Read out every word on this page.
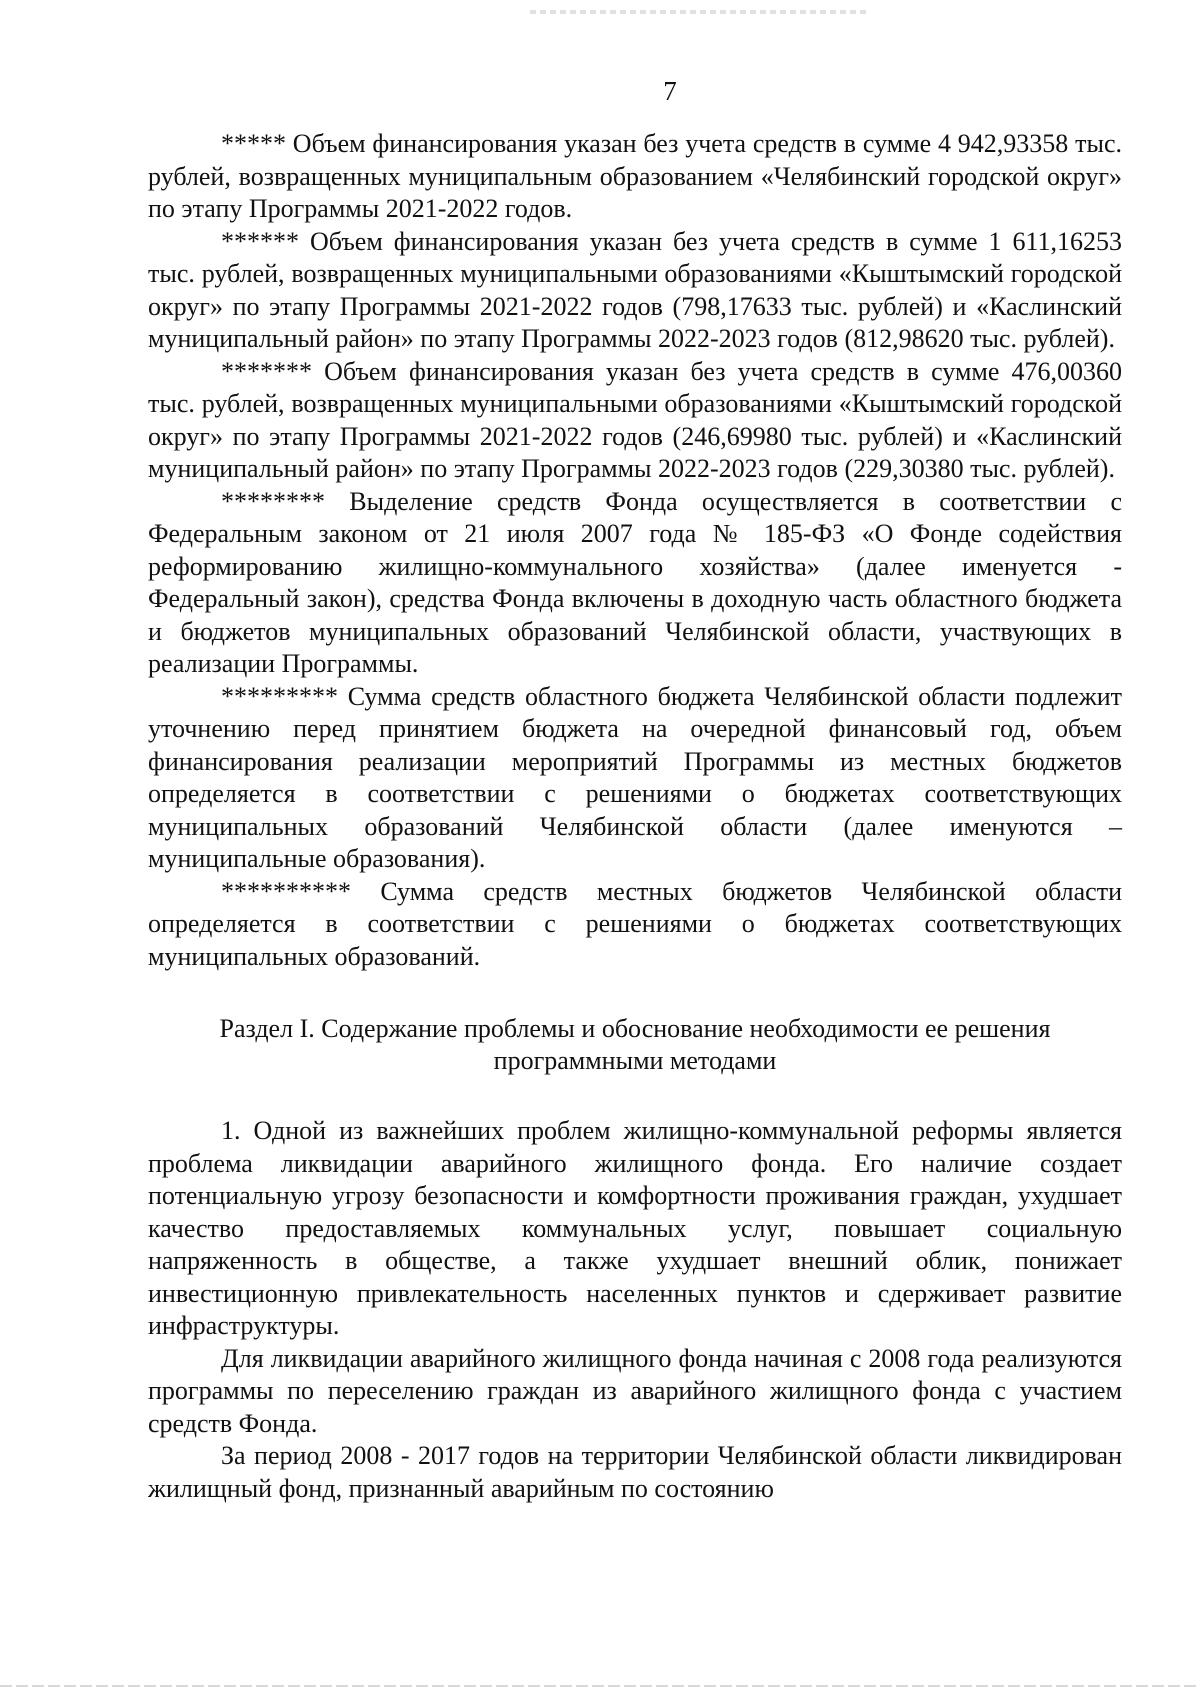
7

***** Объем финансирования указан без учета средств в сумме 4 942,93358 тыс. рублей, возвращенных муниципальным образованием «Челябинский городской округ» по этапу Программы 2021-2022 годов.

****** Объем финансирования указан без учета средств в сумме 1 611,16253 тыс. рублей, возвращенных муниципальными образованиями «Кыштымский городской округ» по этапу Программы 2021-2022 годов (798,17633 тыс. рублей) и «Каслинский муниципальный район» по этапу Программы 2022-2023 годов (812,98620 тыс. рублей).

******* Объем финансирования указан без учета средств в сумме 476,00360 тыс. рублей, возвращенных муниципальными образованиями «Кыштымский городской округ» по этапу Программы 2021-2022 годов (246,69980 тыс. рублей) и «Каслинский муниципальный район» по этапу Программы 2022-2023 годов (229,30380 тыс. рублей).

******** Выделение средств Фонда осуществляется в соответствии с Федеральным законом от 21 июля 2007 года № 185-ФЗ «О Фонде содействия реформированию жилищно-коммунального хозяйства» (далее именуется - Федеральный закон), средства Фонда включены в доходную часть областного бюджета и бюджетов муниципальных образований Челябинской области, участвующих в реализации Программы.

********* Сумма средств областного бюджета Челябинской области подлежит уточнению перед принятием бюджета на очередной финансовый год, объем финансирования реализации мероприятий Программы из местных бюджетов определяется в соответствии с решениями о бюджетах соответствующих муниципальных образований Челябинской области (далее именуются – муниципальные образования).

********** Сумма средств местных бюджетов Челябинской области определяется в соответствии с решениями о бюджетах соответствующих муниципальных образований.

Раздел I. Содержание проблемы и обоснование необходимости ее решения
программными методами

1. Одной из важнейших проблем жилищно-коммунальной реформы является проблема ликвидации аварийного жилищного фонда. Его наличие создает потенциальную угрозу безопасности и комфортности проживания граждан, ухудшает качество предоставляемых коммунальных услуг, повышает социальную напряженность в обществе, а также ухудшает внешний облик, понижает инвестиционную привлекательность населенных пунктов и сдерживает развитие инфраструктуры.

Для ликвидации аварийного жилищного фонда начиная с 2008 года реализуются программы по переселению граждан из аварийного жилищного фонда с участием средств Фонда.

За период 2008 - 2017 годов на территории Челябинской области ликвидирован жилищный фонд, признанный аварийным по состоянию
